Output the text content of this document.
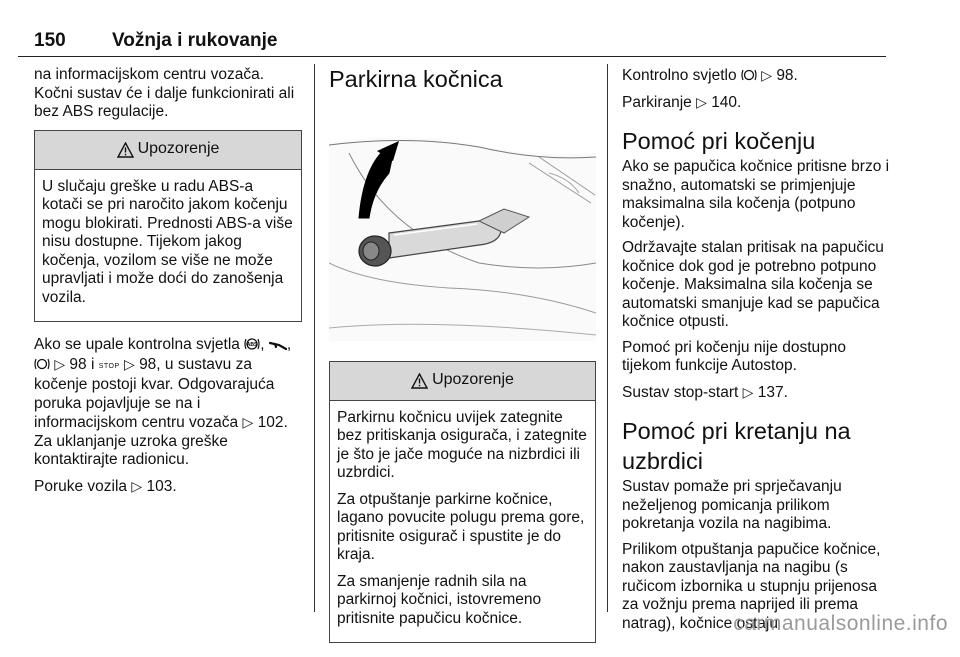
150 Vožnja i rukovanje

na informacijskom centru vozača. Kočni sustav će i dalje funkcionirati ali bez ABS regulacije.

Upozorenje

U slučaju greške u radu ABS-a kotači se pri naročito jakom kočenju mogu blokirati. Prednosti ABS-a više nisu dostupne. Tijekom jakog kočenja, vozilom se više ne može upravljati i može doći do zanošenja vozila.

Ako se upale kontrolna svjetla ABS , ,
▷ 98 i STOP ▷ 98, u sustavu za kočenje postoji kvar. Odgovarajuća poruka pojavljuje se na i informacijskom centru vozača ▷ 102. Za uklanjanje uzroka greške kontaktirajte radionicu.

Poruke vozila ▷ 103.

Parkirna kočnica
Upozorenje

Parkirnu kočnicu uvijek zategnite bez pritiskanja osigurača, i zategnite je što je jače moguće na nizbrdici ili uzbrdici.

Za otpuštanje parkirne kočnice, lagano povucite polugu prema gore, pritisnite osigurač i spustite je do kraja.

Za smanjenje radnih sila na parkirnoj kočnici, istovremeno pritisnite papučicu kočnice.

Kontrolno svjetlo ▷ 98.

Parkiranje ▷ 140.

Pomoć pri kočenju

Ako se papučica kočnice pritisne brzo i snažno, automatski se primjenjuje maksimalna sila kočenja (potpuno kočenje).

Održavajte stalan pritisak na papučicu kočnice dok god je potrebno potpuno kočenje. Maksimalna sila kočenja se automatski smanjuje kad se papučica kočnice otpusti.

Pomoć pri kočenju nije dostupno tijekom funkcije Autostop.

Sustav stop-start ▷ 137.

Pomoć pri kretanju na uzbrdici

Sustav pomaže pri sprječavanju neželjenog pomicanja prilikom pokretanja vozila na nagibima.

Prilikom otpuštanja papučice kočnice, nakon zaustavljanja na nagibu (s ručicom izbornika u stupnju prijenosa za vožnju prema naprijed ili prema natrag), kočnice ostaju

carmanualsonline.info
